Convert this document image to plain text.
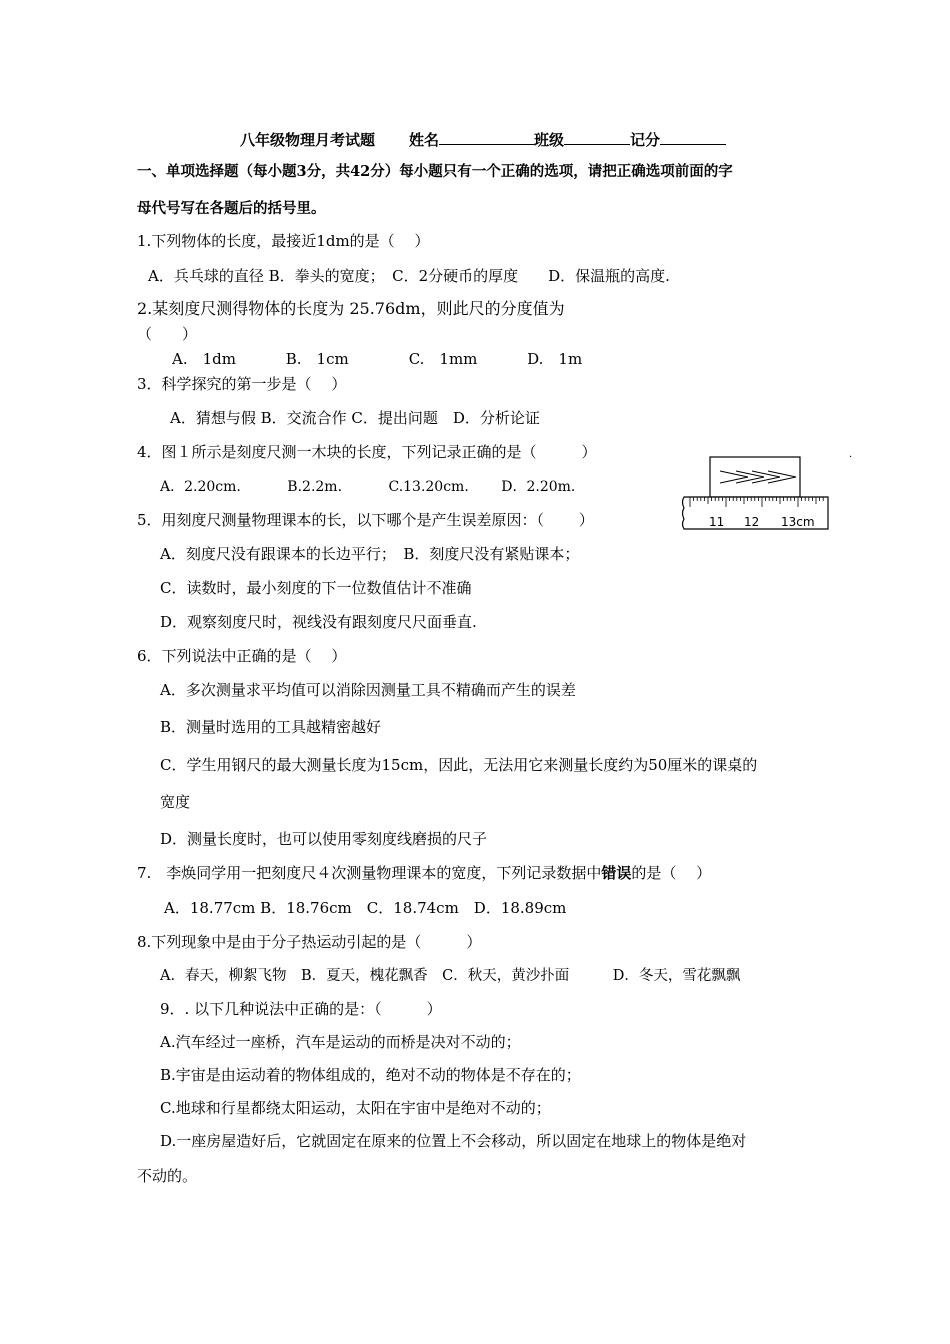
八年级物理月考试题 姓名	班级	记分
一、单项选择题（每小题3分，共42分）每小题只有一个正确的选项，请把正确选项前面的字
母代号写在各题后的括号里。
1.下列物体的长度，最接近1dm的是（　 ）
A．兵乓球的直径 B．拳头的宽度；　C．2分硬币的厚度　　D．保温瓶的高度.
2.某刻度尺测得物体的长度为 25.76dm，则此尺的分度值为
（　　）
A.　1dm　　　 B.　1cm　　　　C.　1mm　　　 D.　1m
3．科学探究的第一步是（　 ）
A．猜想与假 B．交流合作 C．提出问题　D．分析论证
4．图１所示是刻度尺测一木块的长度，下列记录正确的是（　　　）
A．2.20cm.　　　 B.2.2m.　　　 C.13.20cm.　　 D．2.20m.
11 12 13cm
·
5．用刻度尺测量物理课本的长，以下哪个是产生误差原因：（　　 ）
A．刻度尺没有跟课本的长边平行；　B．刻度尺没有紧贴课本；
C．读数时，最小刻度的下一位数值估计不准确
D．观察刻度尺时，视线没有跟刻度尺尺面垂直.
6．下列说法中正确的是（　 ）
A．多次测量求平均值可以消除因测量工具不精确而产生的误差
B．测量时选用的工具越精密越好
C．学生用钢尺的最大测量长度为15cm，因此，无法用它来测量长度约为50厘米的课桌的
宽度
D．测量长度时，也可以使用零刻度线磨损的尺子
7.　李焕同学用一把刻度尺４次测量物理课本的宽度，下列记录数据中错误的是（　 ）
A．18.77cm B．18.76cm　C．18.74cm　D．18.89cm
8.下列现象中是由于分子热运动引起的是（　　　）
A．春天，柳絮飞物　B．夏天，槐花飘香　C．秋天，黄沙扑面　　　D．冬天，雪花飘飘
9．. 以下几种说法中正确的是：（　　　）
A.汽车经过一座桥，汽车是运动的而桥是决对不动的；
B.宇宙是由运动着的物体组成的，绝对不动的物体是不存在的；
C.地球和行星都绕太阳运动，太阳在宇宙中是绝对不动的；
D.一座房屋造好后，它就固定在原来的位置上不会移动，所以固定在地球上的物体是绝对
不动的。
